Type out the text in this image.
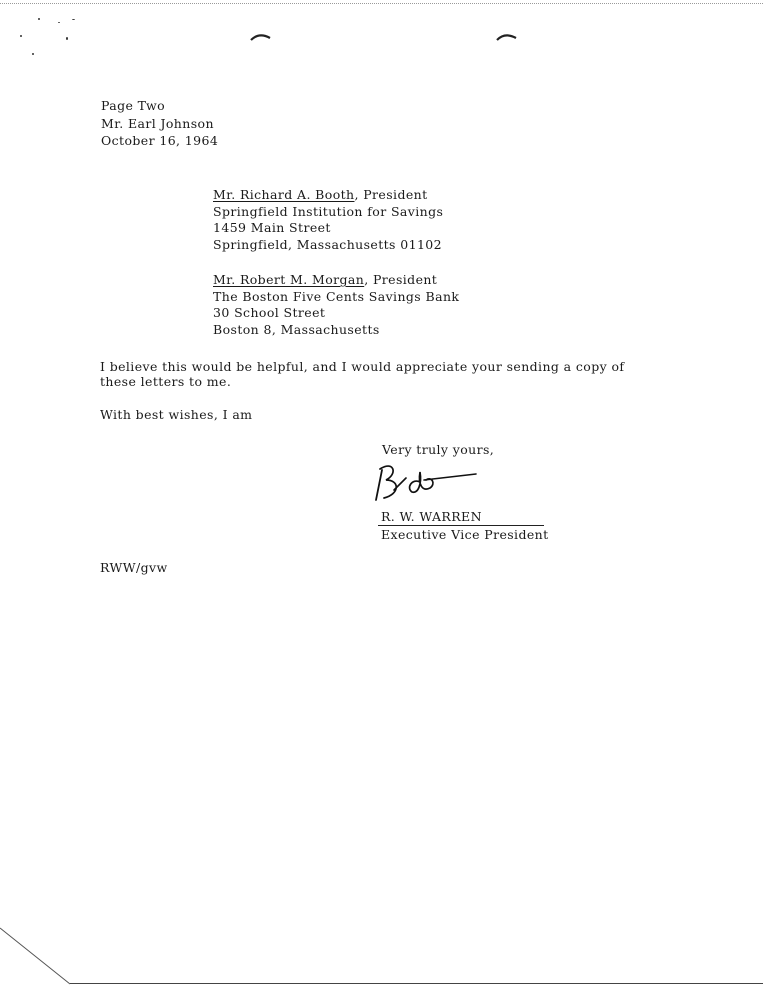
Page Two
Mr. Earl Johnson
October 16, 1964
Mr. Richard A. Booth, President
Springfield Institution for Savings
1459 Main Street
Springfield, Massachusetts 01102
Mr. Robert M. Morgan, President
The Boston Five Cents Savings Bank
30 School Street
Boston 8, Massachusetts
I believe this would be helpful, and I would appreciate your sending a copy of
these letters to me.
With best wishes, I am
Very truly yours,
R. W. WARREN
Executive Vice President
RWW/gvw
